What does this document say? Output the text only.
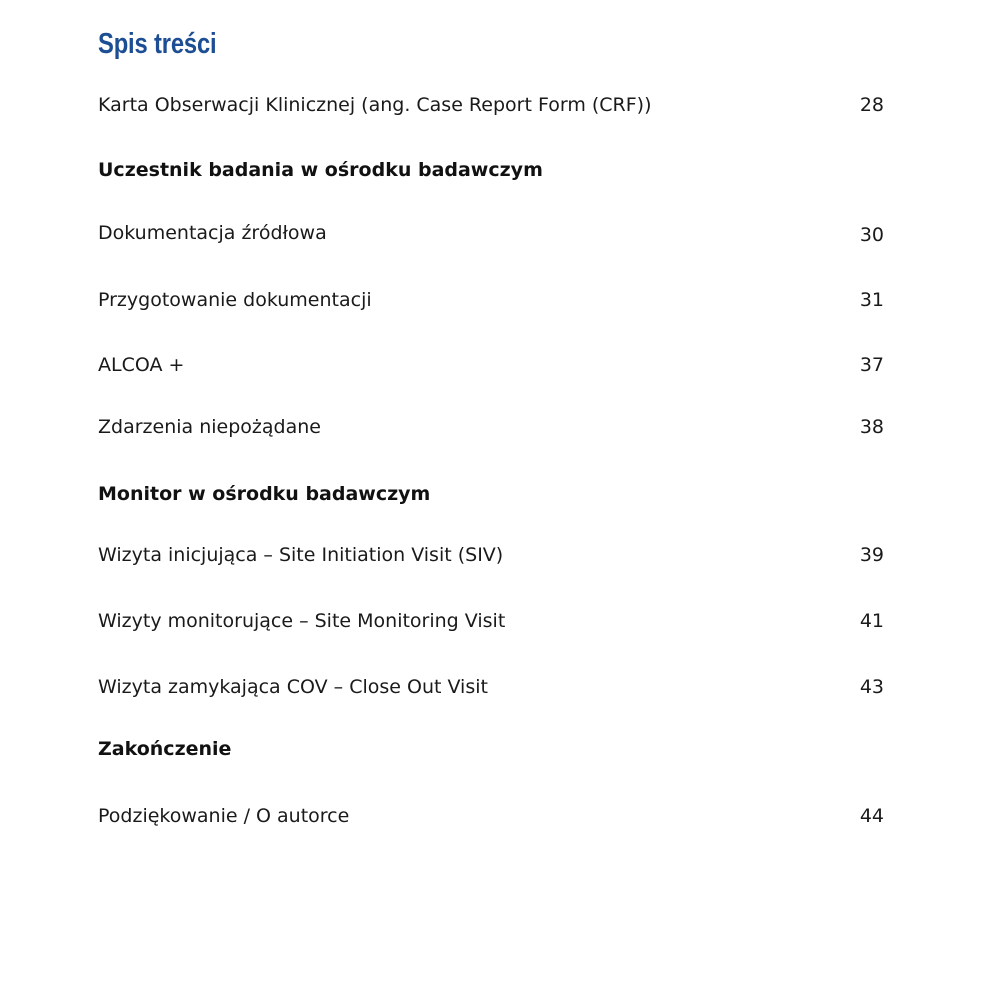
Spis treści
Karta Obserwacji Klinicznej (ang. Case Report Form (CRF))	28
Uczestnik badania w ośrodku badawczym
Dokumentacja źródłowa	30
Przygotowanie dokumentacji	31
ALCOA +	37
Zdarzenia niepożądane	38
Monitor w ośrodku badawczym
Wizyta inicjująca – Site Initiation Visit (SIV)	39
Wizyty monitorujące – Site Monitoring Visit	41
Wizyta zamykająca COV – Close Out Visit	43
Zakończenie
Podziękowanie / O autorce	44
